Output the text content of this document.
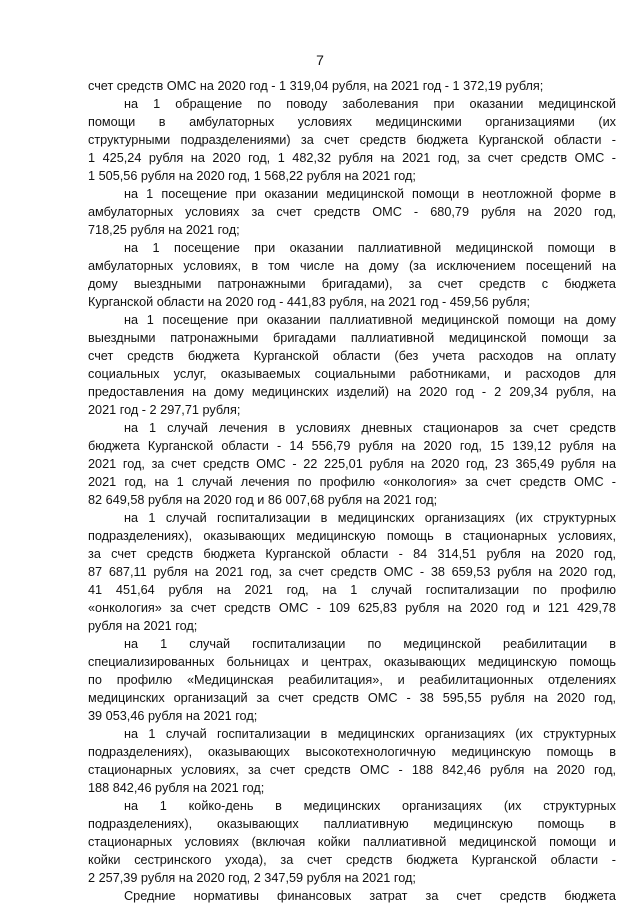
7
счет средств ОМС на 2020 год - 1 319,04 рубля, на 2021 год - 1 372,19 рубля;
на 1 обращение по поводу заболевания при оказании медицинской
помощи в амбулаторных условиях медицинскими организациями (их
структурными подразделениями) за счет средств бюджета Курганской области -
1 425,24 рубля на 2020 год, 1 482,32 рубля на 2021 год, за счет средств ОМС -
1 505,56 рубля на 2020 год, 1 568,22 рубля на 2021 год;
на 1 посещение при оказании медицинской помощи в неотложной форме в
амбулаторных условиях за счет средств ОМС - 680,79 рубля на 2020 год,
718,25 рубля на 2021 год;
на 1 посещение при оказании паллиативной медицинской помощи в
амбулаторных условиях, в том числе на дому (за исключением посещений на
дому выездными патронажными бригадами), за счет средств с бюджета
Курганской области на 2020 год - 441,83 рубля, на 2021 год - 459,56 рубля;
на 1 посещение при оказании паллиативной медицинской помощи на дому
выездными патронажными бригадами паллиативной медицинской помощи за
счет средств бюджета Курганской области (без учета расходов на оплату
социальных услуг, оказываемых социальными работниками, и расходов для
предоставления на дому медицинских изделий) на 2020 год - 2 209,34 рубля, на
2021 год - 2 297,71 рубля;
на 1 случай лечения в условиях дневных стационаров за счет средств
бюджета Курганской области - 14 556,79 рубля на 2020 год, 15 139,12 рубля на
2021 год, за счет средств ОМС - 22 225,01 рубля на 2020 год, 23 365,49 рубля на
2021 год, на 1 случай лечения по профилю «онкология» за счет средств ОМС -
82 649,58 рубля на 2020 год и 86 007,68 рубля на 2021 год;
на 1 случай госпитализации в медицинских организациях (их структурных
подразделениях), оказывающих медицинскую помощь в стационарных условиях,
за счет средств бюджета Курганской области - 84 314,51 рубля на 2020 год,
87 687,11 рубля на 2021 год, за счет средств ОМС - 38 659,53 рубля на 2020 год,
41 451,64 рубля на 2021 год, на 1 случай госпитализации по профилю
«онкология» за счет средств ОМС - 109 625,83 рубля на 2020 год и 121 429,78
рубля на 2021 год;
на 1 случай госпитализации по медицинской реабилитации в
специализированных больницах и центрах, оказывающих медицинскую помощь
по профилю «Медицинская реабилитация», и реабилитационных отделениях
медицинских организаций за счет средств ОМС - 38 595,55 рубля на 2020 год,
39 053,46 рубля на 2021 год;
на 1 случай госпитализации в медицинских организациях (их структурных
подразделениях), оказывающих высокотехнологичную медицинскую помощь в
стационарных условиях, за счет средств ОМС - 188 842,46 рубля на 2020 год,
188 842,46 рубля на 2021 год;
на 1 койко-день в медицинских организациях (их структурных
подразделениях), оказывающих паллиативную медицинскую помощь в
стационарных условиях (включая койки паллиативной медицинской помощи и
койки сестринского ухода), за счет средств бюджета Курганской области -
2 257,39 рубля на 2020 год, 2 347,59 рубля на 2021 год;
Средние нормативы финансовых затрат за счет средств бюджета
